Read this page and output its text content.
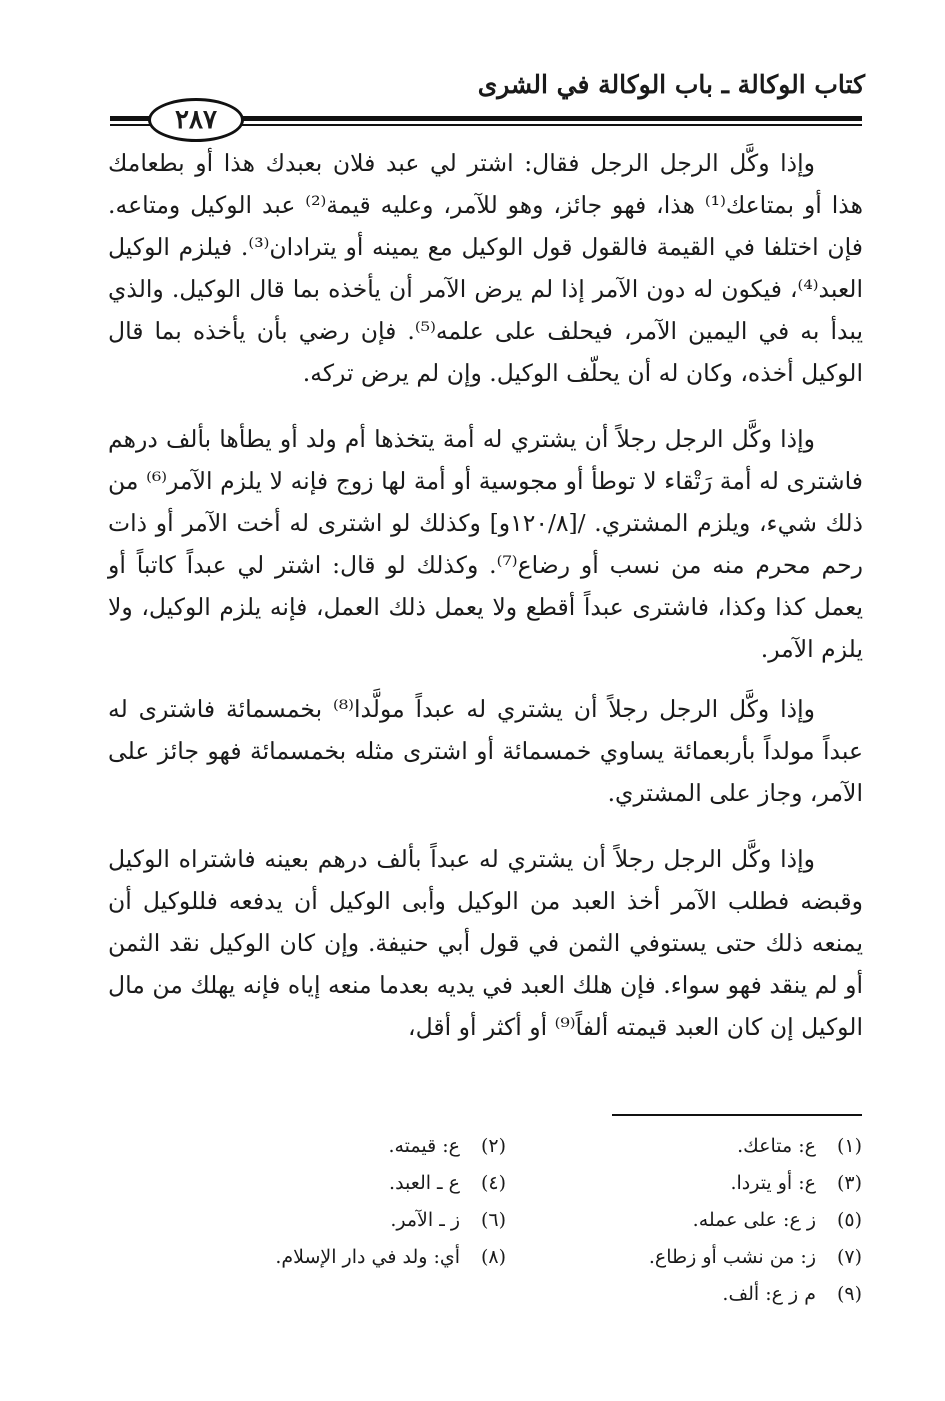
كتاب الوكالة ـ باب الوكالة في الشرى
٢٨٧

وإذا وكَّل الرجل الرجل فقال: اشتر لي عبد فلان بعبدك هذا أو بطعامك هذا أو بمتاعك⁽¹⁾ هذا، فهو جائز، وهو للآمر، وعليه قيمة⁽²⁾ عبد الوكيل ومتاعه. فإن اختلفا في القيمة فالقول قول الوكيل مع يمينه أو يترادان⁽³⁾. فيلزم الوكيل العبد⁽⁴⁾، فيكون له دون الآمر إذا لم يرض الآمر أن يأخذه بما قال الوكيل. والذي يبدأ به في اليمين الآمر، فيحلف على علمه⁽⁵⁾. فإن رضي بأن يأخذه بما قال الوكيل أخذه، وكان له أن يحلّف الوكيل. وإن لم يرض تركه.

وإذا وكَّل الرجل رجلاً أن يشتري له أمة يتخذها أم ولد أو يطأها بألف درهم فاشترى له أمة رَتْقاء لا توطأ أو مجوسية أو أمة لها زوج فإنه لا يلزم الآمر⁽⁶⁾ من ذلك شيء، ويلزم المشتري. /[١٢٠/٨و] وكذلك لو اشترى له أخت الآمر أو ذات رحم محرم منه من نسب أو رضاع⁽⁷⁾. وكذلك لو قال: اشتر لي عبداً كاتباً أو يعمل كذا وكذا، فاشترى عبداً أقطع ولا يعمل ذلك العمل، فإنه يلزم الوكيل، ولا يلزم الآمر.

وإذا وكَّل الرجل رجلاً أن يشتري له عبداً مولَّدا⁽⁸⁾ بخمسمائة فاشترى له عبداً مولداً بأربعمائة يساوي خمسمائة أو اشترى مثله بخمسمائة فهو جائز على الآمر، وجاز على المشتري.

وإذا وكَّل الرجل رجلاً أن يشتري له عبداً بألف درهم بعينه فاشتراه الوكيل وقبضه فطلب الآمر أخذ العبد من الوكيل وأبى الوكيل أن يدفعه فللوكيل أن يمنعه ذلك حتى يستوفي الثمن في قول أبي حنيفة. وإن كان الوكيل نقد الثمن أو لم ينقد فهو سواء. فإن هلك العبد في يديه بعدما منعه إياه فإنه يهلك من مال الوكيل إن كان العبد قيمته ألفاً⁽⁹⁾ أو أكثر أو أقل،

(١)ع: متاعك.
(٢)ع: قيمته.
(٣)ع: أو يتردا.
(٤)ع ـ العبد.
(٥)ز ع: على عمله.
(٦)ز ـ الآمر.
(٧)ز: من نشب أو زطاع.
(٨)أي: ولد في دار الإسلام.
(٩)م ز ع: ألف.
